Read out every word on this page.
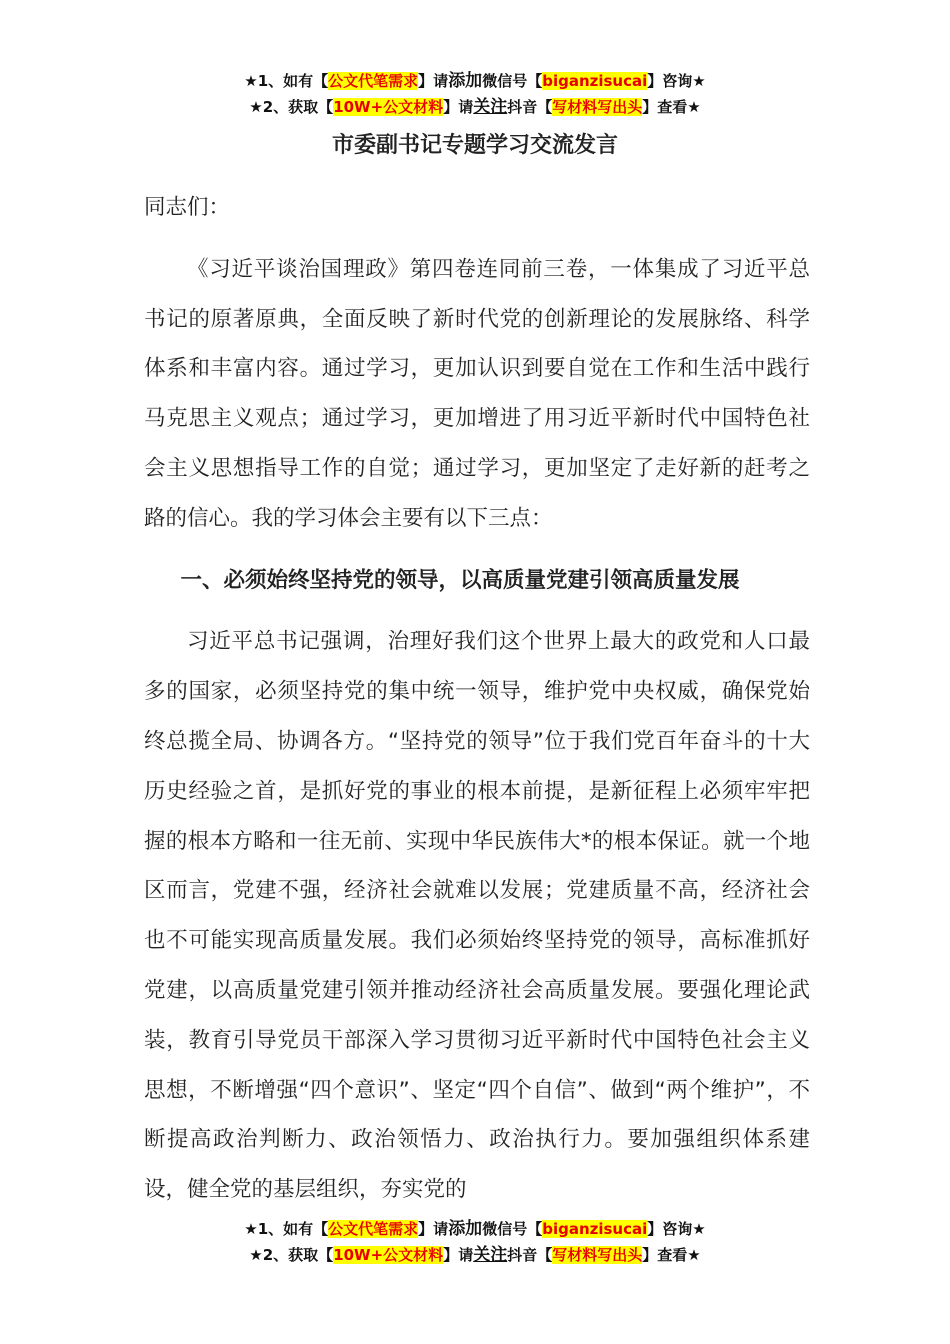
★1、如有【公文代笔需求】请添加微信号【biganzisucai】咨询★
★2、获取【10W+公文材料】请关注抖音【写材料写出头】查看★
市委副书记专题学习交流发言

同志们：

《习近平谈治国理政》第四卷连同前三卷，一体集成了习近平总书记的原著原典，全面反映了新时代党的创新理论的发展脉络、科学体系和丰富内容。通过学习，更加认识到要自觉在工作和生活中践行马克思主义观点；通过学习，更加增进了用习近平新时代中国特色社会主义思想指导工作的自觉；通过学习，更加坚定了走好新的赶考之路的信心。我的学习体会主要有以下三点：

一、必须始终坚持党的领导，以高质量党建引领高质量发展

习近平总书记强调，治理好我们这个世界上最大的政党和人口最多的国家，必须坚持党的集中统一领导，维护党中央权威，确保党始终总揽全局、协调各方。“坚持党的领导”位于我们党百年奋斗的十大历史经验之首，是抓好党的事业的根本前提，是新征程上必须牢牢把握的根本方略和一往无前、实现中华民族伟大*的根本保证。就一个地区而言，党建不强，经济社会就难以发展；党建质量不高，经济社会也不可能实现高质量发展。我们必须始终坚持党的领导，高标准抓好党建，以高质量党建引领并推动经济社会高质量发展。要强化理论武装，教育引导党员干部深入学习贯彻习近平新时代中国特色社会主义思想，不断增强“四个意识”、坚定“四个自信”、做到“两个维护”，不断提高政治判断力、政治领悟力、政治执行力。要加强组织体系建设，健全党的基层组织，夯实党的

★1、如有【公文代笔需求】请添加微信号【biganzisucai】咨询★
★2、获取【10W+公文材料】请关注抖音【写材料写出头】查看★
